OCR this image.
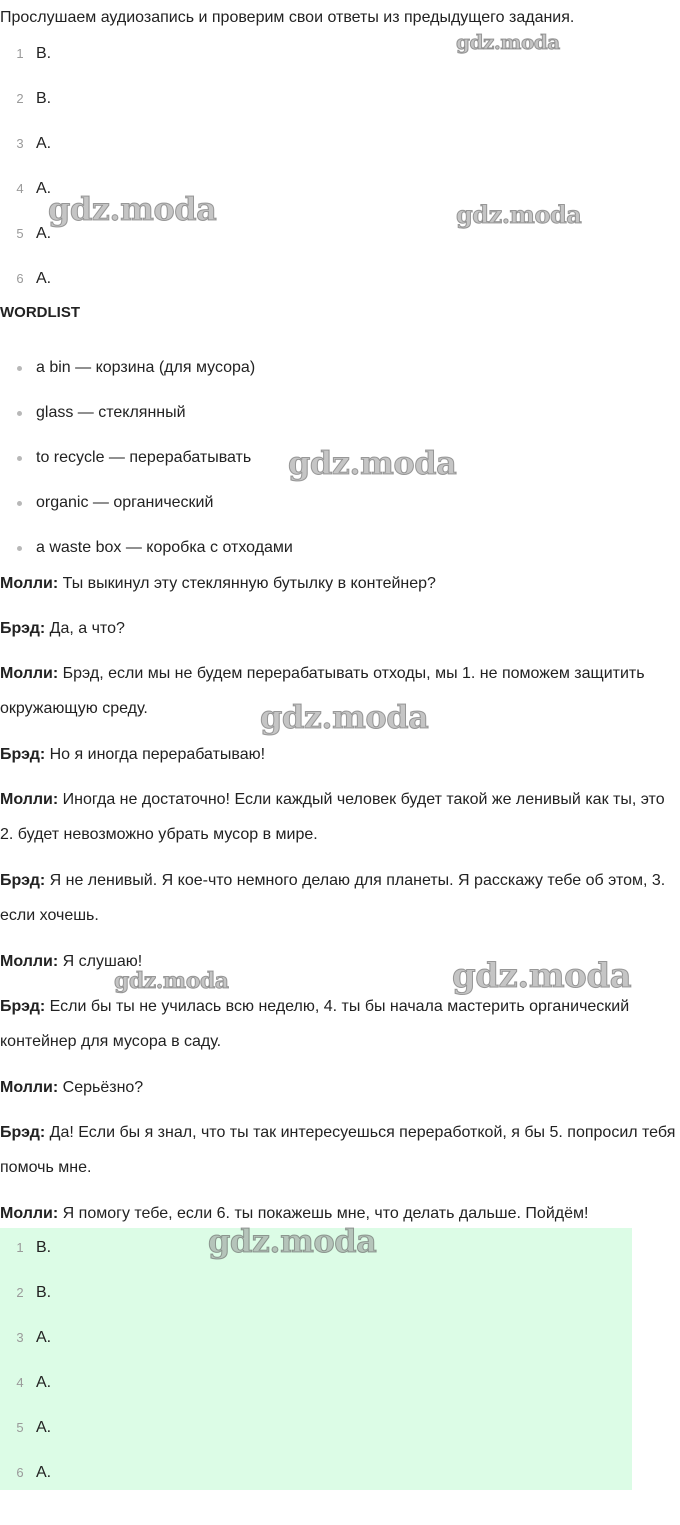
Прослушаем аудиозапись и проверим свои ответы из предыдущего задания.
1 B.
2 B.
3 A.
4 A.
5 A.
6 A.
WORDLIST
a bin — корзина (для мусора)
glass — стеклянный
to recycle — перерабатывать
organic — органический
a waste box — коробка с отходами
Молли: Ты выкинул эту стеклянную бутылку в контейнер?
Брэд: Да, а что?
Молли: Брэд, если мы не будем перерабатывать отходы, мы 1. не поможем защитить окружающую среду.
Брэд: Но я иногда перерабатываю!
Молли: Иногда не достаточно! Если каждый человек будет такой же ленивый как ты, это 2. будет невозможно убрать мусор в мире.
Брэд: Я не ленивый. Я кое-что немного делаю для планеты. Я расскажу тебе об этом, 3. если хочешь.
Молли: Я слушаю!
Брэд: Если бы ты не училась всю неделю, 4. ты бы начала мастерить органический контейнер для мусора в саду.
Молли: Серьёзно?
Брэд: Да! Если бы я знал, что ты так интересуешься переработкой, я бы 5. попросил тебя помочь мне.
Молли: Я помогу тебе, если 6. ты покажешь мне, что делать дальше. Пойдём!
1 B.
2 B.
3 A.
4 A.
5 A.
6 A.
gdz.moda
gdz.moda	gdz.moda
gdz.moda
gdz.moda
gdz.moda	gdz.moda
gdz.moda
